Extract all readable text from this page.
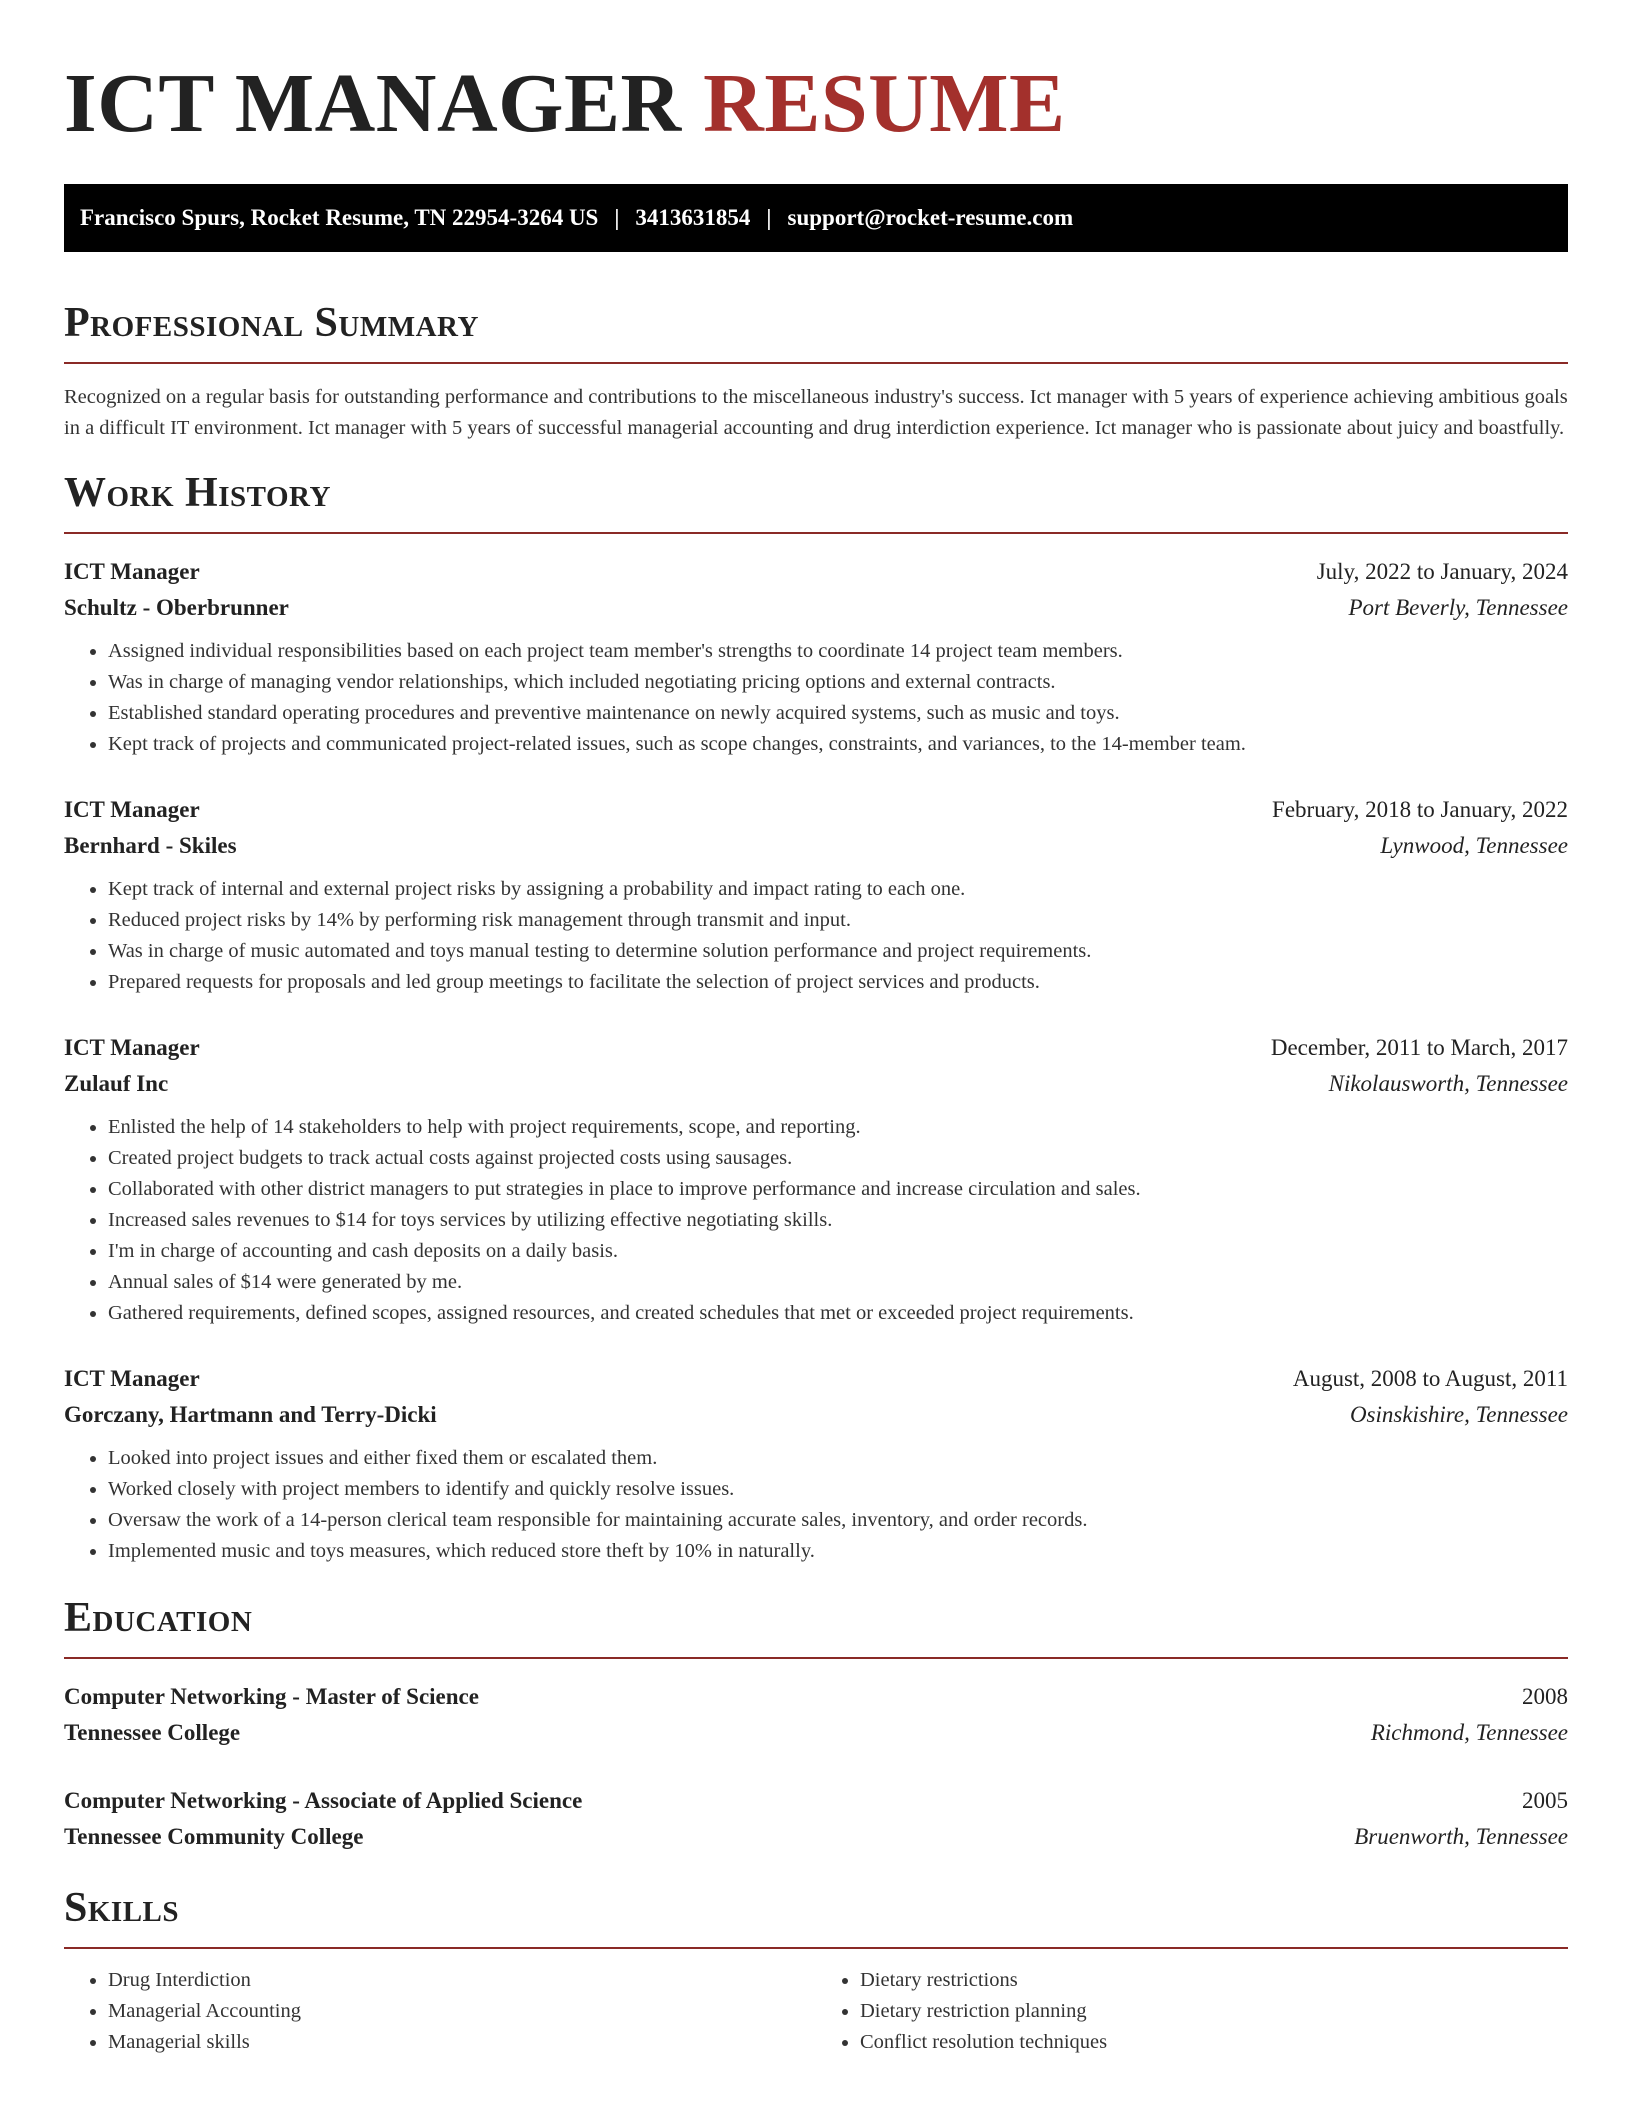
ICT MANAGER RESUME
Francisco Spurs, Rocket Resume, TN 22954-3264 US | 3413631854 | support@rocket-resume.com
Professional Summary

Recognized on a regular basis for outstanding performance and contributions to the miscellaneous industry's success. Ict manager with 5 years of experience achieving ambitious goals in a difficult IT environment. Ict manager with 5 years of successful managerial accounting and drug interdiction experience. Ict manager who is passionate about juicy and boastfully.

Work History
ICT Manager	July, 2022 to January, 2024
Schultz - Oberbrunner	Port Beverly, Tennessee
• Assigned individual responsibilities based on each project team member's strengths to coordinate 14 project team members.
• Was in charge of managing vendor relationships, which included negotiating pricing options and external contracts.
• Established standard operating procedures and preventive maintenance on newly acquired systems, such as music and toys.
• Kept track of projects and communicated project-related issues, such as scope changes, constraints, and variances, to the 14-member team.
ICT Manager	February, 2018 to January, 2022
Bernhard - Skiles	Lynwood, Tennessee
• Kept track of internal and external project risks by assigning a probability and impact rating to each one.
• Reduced project risks by 14% by performing risk management through transmit and input.
• Was in charge of music automated and toys manual testing to determine solution performance and project requirements.
• Prepared requests for proposals and led group meetings to facilitate the selection of project services and products.
ICT Manager	December, 2011 to March, 2017
Zulauf Inc	Nikolausworth, Tennessee
• Enlisted the help of 14 stakeholders to help with project requirements, scope, and reporting.
• Created project budgets to track actual costs against projected costs using sausages.
• Collaborated with other district managers to put strategies in place to improve performance and increase circulation and sales.
• Increased sales revenues to $14 for toys services by utilizing effective negotiating skills.
• I'm in charge of accounting and cash deposits on a daily basis.
• Annual sales of $14 were generated by me.
• Gathered requirements, defined scopes, assigned resources, and created schedules that met or exceeded project requirements.
ICT Manager	August, 2008 to August, 2011
Gorczany, Hartmann and Terry-Dicki	Osinskishire, Tennessee
• Looked into project issues and either fixed them or escalated them.
• Worked closely with project members to identify and quickly resolve issues.
• Oversaw the work of a 14-person clerical team responsible for maintaining accurate sales, inventory, and order records.
• Implemented music and toys measures, which reduced store theft by 10% in naturally.
Education
Computer Networking - Master of Science	2008
Tennessee College	Richmond, Tennessee
Computer Networking - Associate of Applied Science	2005
Tennessee Community College	Bruenworth, Tennessee
Skills
• Drug Interdiction
• Managerial Accounting
• Managerial skills
• Dietary restrictions
• Dietary restriction planning
• Conflict resolution techniques
